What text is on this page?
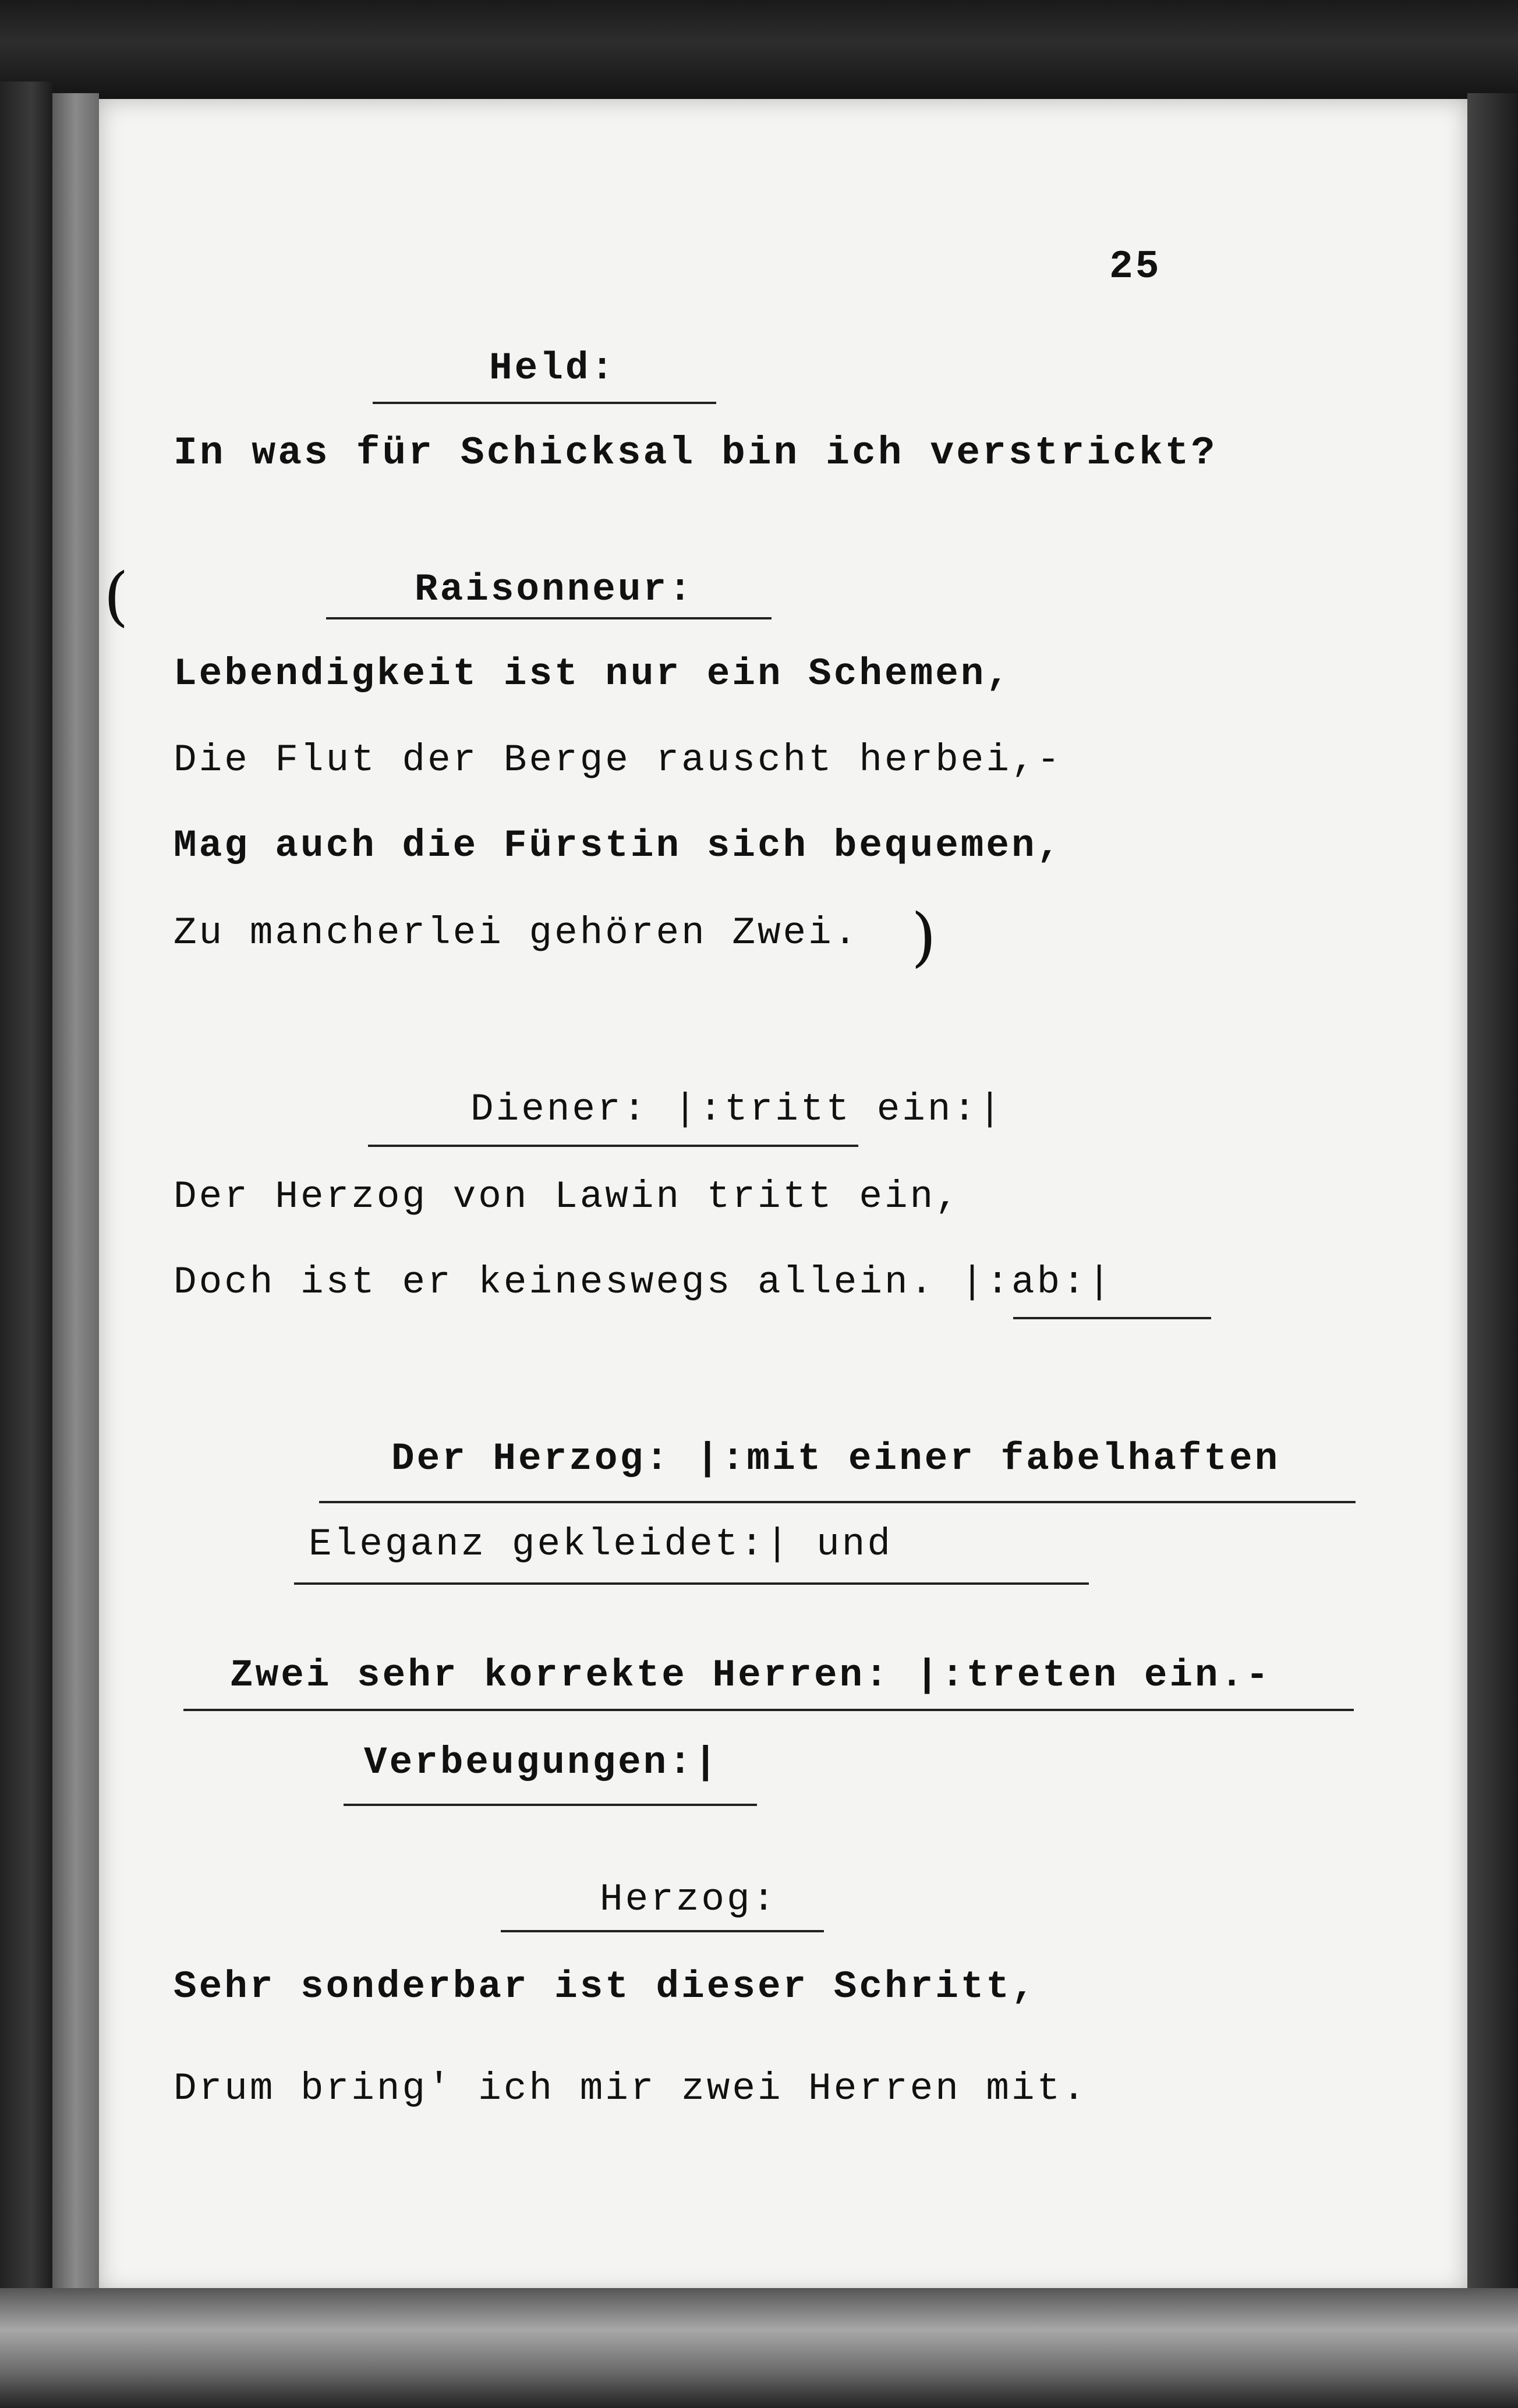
25
Held:
In was für Schicksal bin ich verstrickt?
(	Raisonneur:
Lebendigkeit ist nur ein Schemen,
Die Flut der Berge rauscht herbei,-
Mag auch die Fürstin sich bequemen,
Zu mancherlei gehören Zwei. )
Diener: |:tritt ein:|
Der Herzog von Lawin tritt ein,
Doch ist er keineswegs allein. |:ab:|
Der Herzog: |:mit einer fabelhaften
Eleganz gekleidet:| und
Zwei sehr korrekte Herren: |:treten ein.-
Verbeugungen:|
Herzog:
Sehr sonderbar ist dieser Schritt,
Drum bring' ich mir zwei Herren mit.
